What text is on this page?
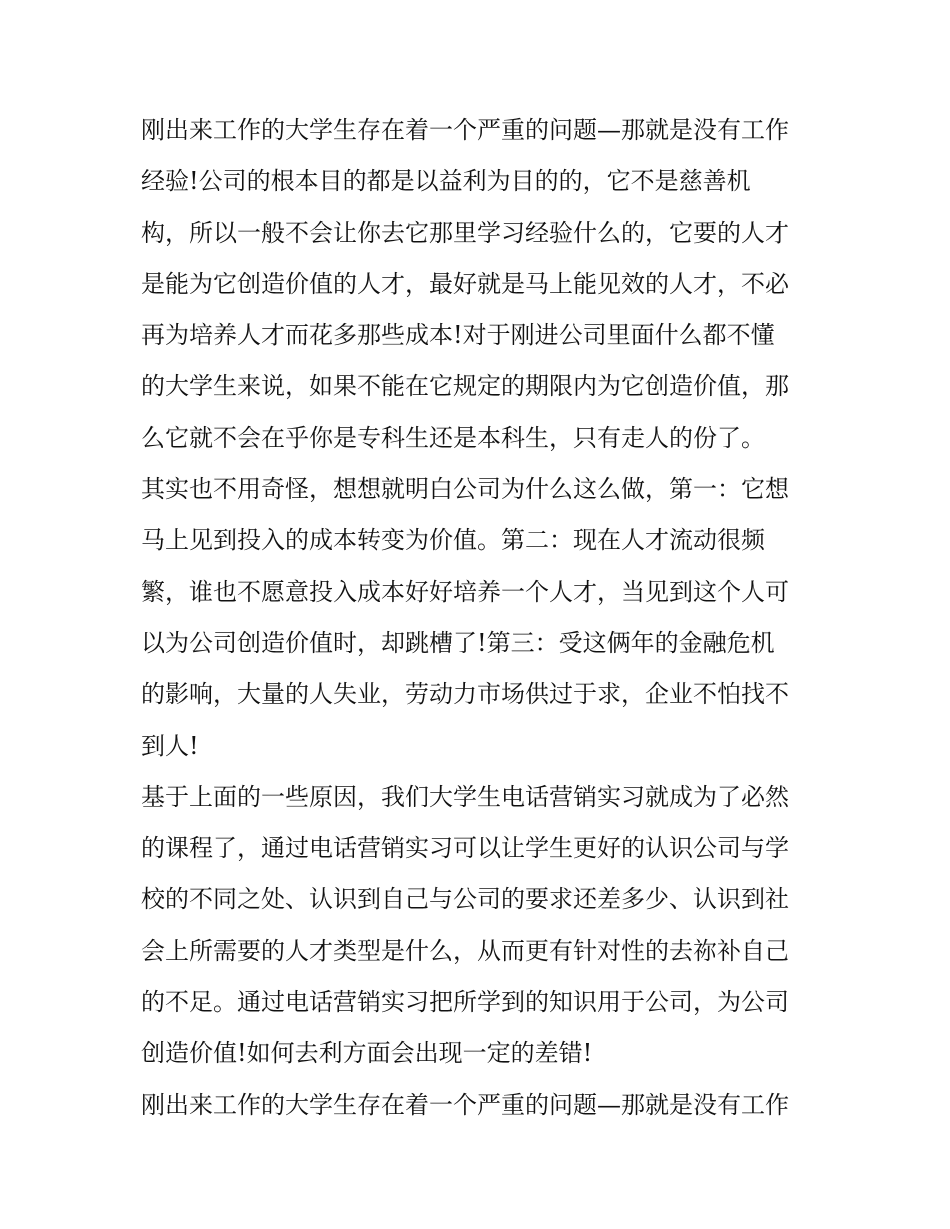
刚出来工作的大学生存在着一个严重的问题—那就是没有工作
经验!公司的根本目的都是以益利为目的的，它不是慈善机
构，所以一般不会让你去它那里学习经验什么的，它要的人才
是能为它创造价值的人才，最好就是马上能见效的人才，不必
再为培养人才而花多那些成本!对于刚进公司里面什么都不懂
的大学生来说，如果不能在它规定的期限内为它创造价值，那
么它就不会在乎你是专科生还是本科生，只有走人的份了。
其实也不用奇怪，想想就明白公司为什么这么做，第一：它想
马上见到投入的成本转变为价值。第二：现在人才流动很频
繁，谁也不愿意投入成本好好培养一个人才，当见到这个人可
以为公司创造价值时，却跳槽了!第三：受这俩年的金融危机
的影响，大量的人失业，劳动力市场供过于求，企业不怕找不
到人!
基于上面的一些原因，我们大学生电话营销实习就成为了必然
的课程了，通过电话营销实习可以让学生更好的认识公司与学
校的不同之处、认识到自己与公司的要求还差多少、认识到社
会上所需要的人才类型是什么，从而更有针对性的去祢补自己
的不足。通过电话营销实习把所学到的知识用于公司，为公司
创造价值!如何去利方面会出现一定的差错!
刚出来工作的大学生存在着一个严重的问题—那就是没有工作
